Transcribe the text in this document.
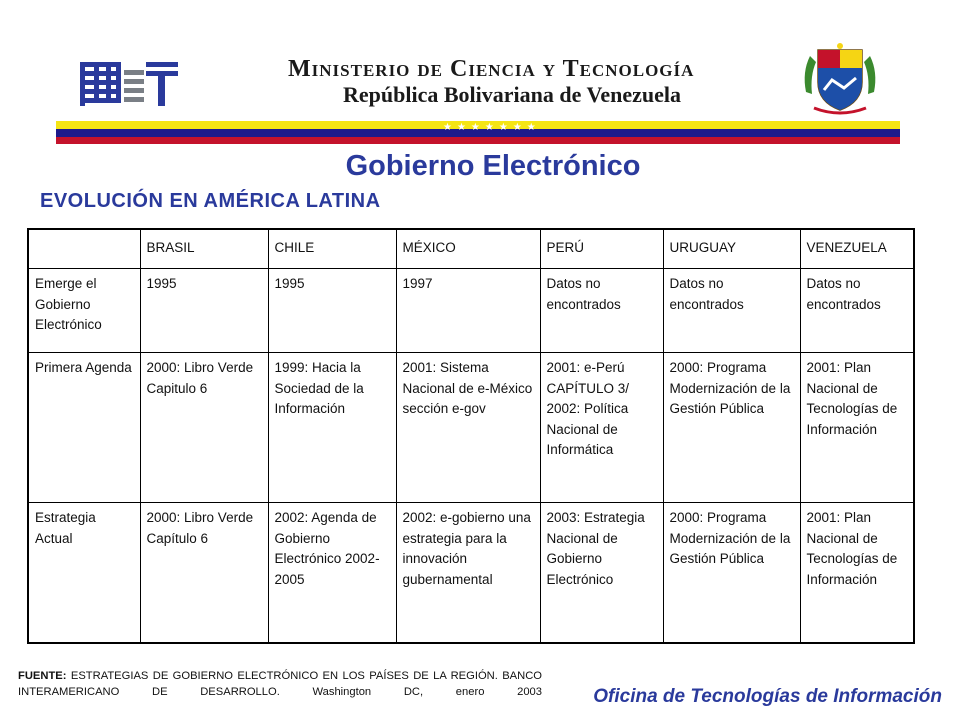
Ministerio de Ciencia y Tecnología
República Bolivariana de Venezuela
★★★★★★★
Gobierno Electrónico
EVOLUCIÓN EN AMÉRICA LATINA
	BRASIL	CHILE	MÉXICO	PERÚ	URUGUAY	VENEZUELA
Emerge el Gobierno Electrónico	1995	1995	1997	Datos no encontrados	Datos no encontrados	Datos no encontrados
Primera Agenda	2000: Libro Verde Capitulo 6	1999: Hacia la Sociedad de la Información	2001: Sistema Nacional de e-México sección e-gov	2001: e-Perú CAPÍTULO 3/ 2002: Política Nacional de Informática	2000: Programa Modernización de la Gestión Pública	2001: Plan Nacional de Tecnologías de Información
Estrategia Actual	2000: Libro Verde Capítulo 6	2002: Agenda de Gobierno Electrónico 2002-2005	2002: e-gobierno una estrategia para la innovación gubernamental	2003: Estrategia Nacional de Gobierno Electrónico	2000: Programa Modernización de la Gestión Pública	2001: Plan Nacional de Tecnologías de Información
FUENTE: ESTRATEGIAS DE GOBIERNO ELECTRÓNICO EN LOS PAÍSES DE LA REGIÓN. BANCO INTERAMERICANO DE DESARROLLO. Washington DC, enero 2003	Oficina de Tecnologías de Información
